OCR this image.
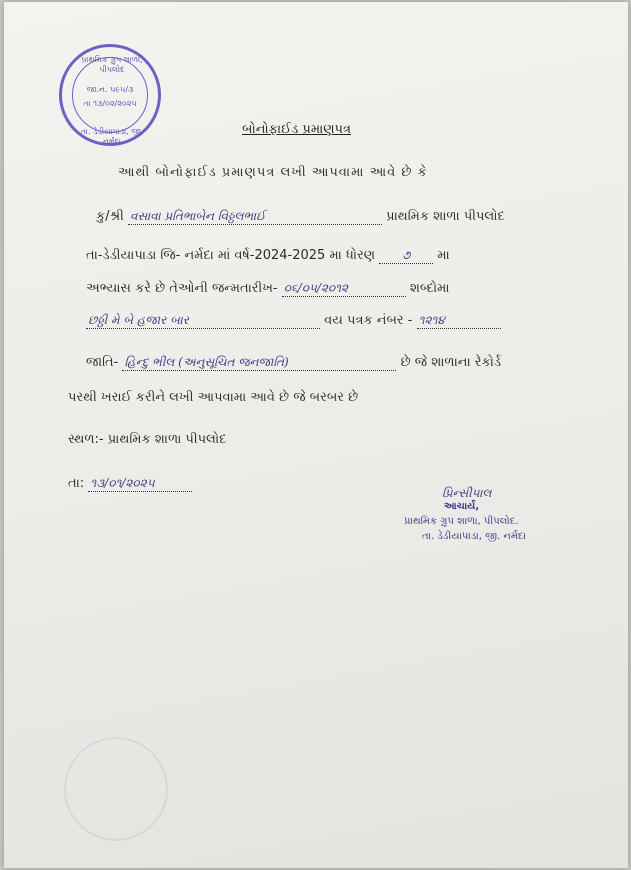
પ્રાથમિક ગ્રુપ શાળા, પીપલોદ
જા.ન. ૫૯૫/૩
તા ૧૩/૦૨/૨૦૨૫
તા. ડેડીયાપાડા, જી. નર્મદા
બોનોફાઈડ પ્રમાણપત્ર
આથી બોનોફાઈડ પ્રમાણપત્ર લખી આપવામા આવે છે કે
કુ/શ્રી વસાવા પ્રતિભાબેન વિઠ્ઠલભાઈ	પ્રાથમિક શાળા પીપલોદ
તા-ડેડીયાપાડા જિ- નર્મદા માં વર્ષ-2024-2025 મા ધોરણ ૭ મા
અભ્યાસ કરે છે તેઓની જન્મતારીખ- ૦૬/૦૫/૨૦૧૨	શબ્દોમા
છઠ્ઠી મે બે હજાર બાર	વય પત્રક નંબર - ૧૨૧૪
જાતિ- હિન્દુ ભીલ (અનુસૂચિત જનજાતિ)	છે જે શાળાના રેકોર્ડ
પરથી ખરાઈ કરીને લખી આપવામા આવે છે જે બરબર છે
સ્થળ:- પ્રાથમિક શાળા પીપલોદ
તા: ૧૩/૦૧/૨૦૨૫
પ્રિન્સીપાલ
આચાર્ય,
પ્રાથમિક ગ્રુપ શાળા, પીપલોદ.
તા. ડેડીયાપાડા, જી. નર્મદા
